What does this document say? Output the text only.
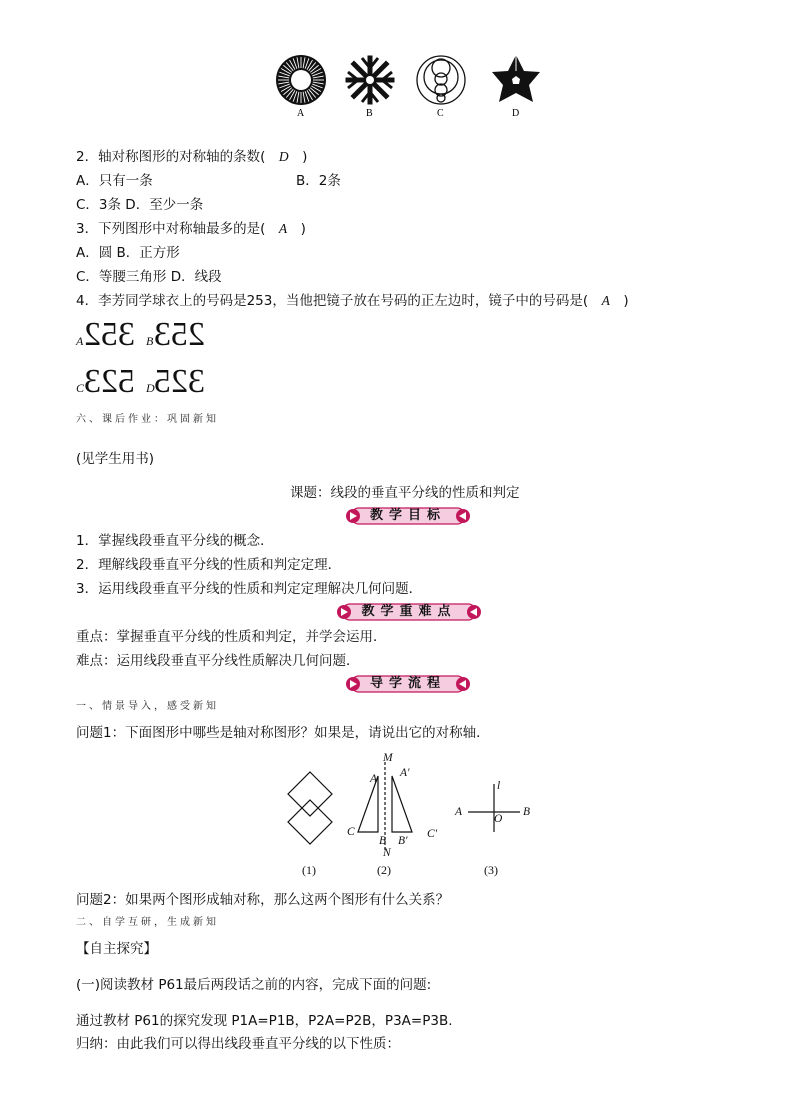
A	B	C	D
2．轴对称图形的对称轴的条数(　D　)
A．只有一条	B．2条
C．3条 D．至少一条
3．下列图形中对称轴最多的是(　A　)
A．圆 B．正方形
C．等腰三角形 D．线段
4．李芳同学球衣上的号码是253，当他把镜子放在号码的正左边时，镜子中的号码是(　A　)
A 352 B 253
C 523 D 325
六、课后作业：巩固新知
(见学生用书)
课题：线段的垂直平分线的性质和判定
教学目标
1．掌握线段垂直平分线的概念．
2．理解线段垂直平分线的性质和判定定理．
3．运用线段垂直平分线的性质和判定定理解决几何问题．
教学重难点
重点：掌握垂直平分线的性质和判定，并学会运用．
难点：运用线段垂直平分线性质解决几何问题．
导学流程
一、情景导入，感受新知
问题1：下面图形中哪些是轴对称图形？如果是，请说出它的对称轴．
M
A A′
C	C′
B B′
N
l
A	B
O
(1)	(2)	(3)
问题2：如果两个图形成轴对称，那么这两个图形有什么关系？
二、自学互研，生成新知
【自主探究】
(一)阅读教材 P61最后两段话之前的内容，完成下面的问题:
通过教材 P61的探究发现 P1A=P1B，P2A=P2B，P3A=P3B.
归纳：由此我们可以得出线段垂直平分线的以下性质：
